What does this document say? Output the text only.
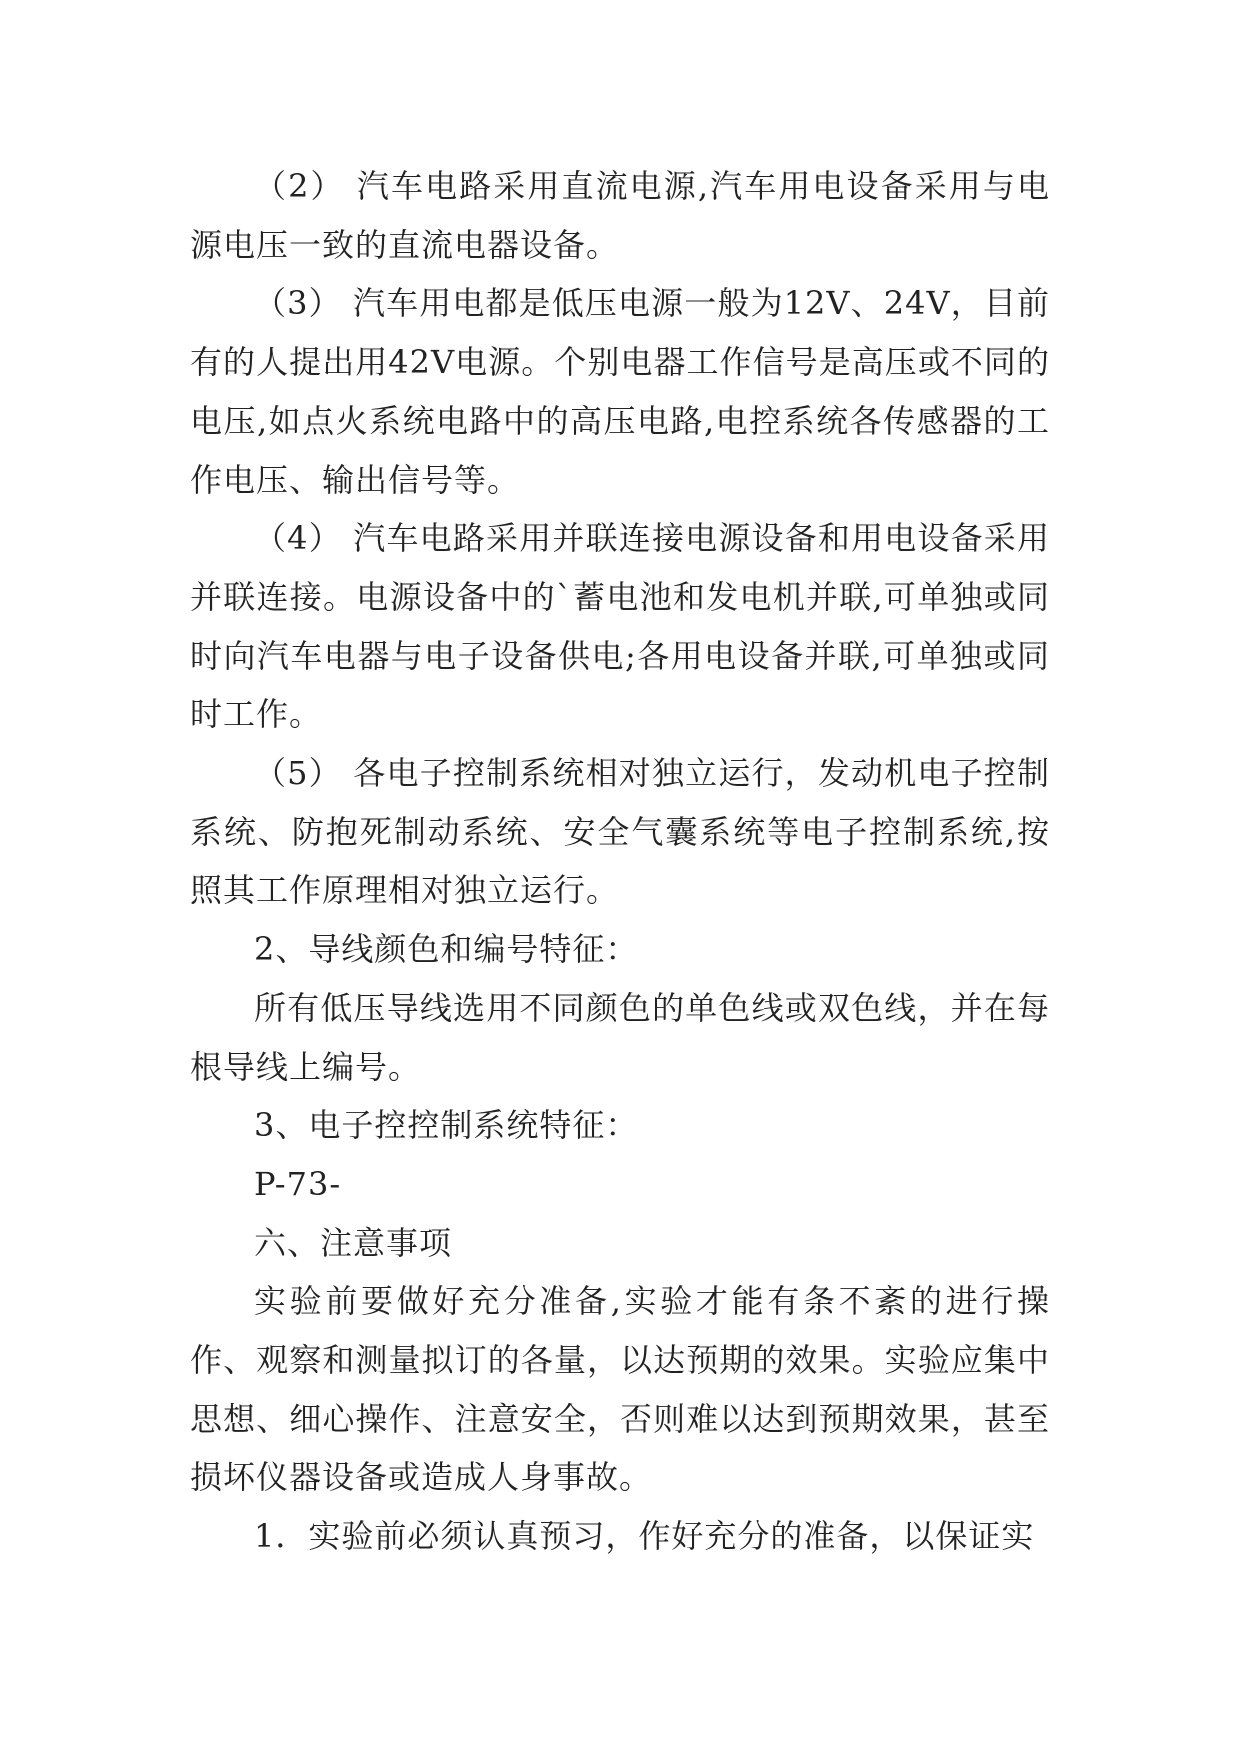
（2） 汽车电路采用直流电源,汽车用电设备采用与电源电压一致的直流电器设备。

（3） 汽车用电都是低压电源一般为12V、24V，目前有的人提出用42V电源。个别电器工作信号是高压或不同的电压,如点火系统电路中的高压电路,电控系统各传感器的工作电压、输出信号等。

（4） 汽车电路采用并联连接电源设备和用电设备采用并联连接。电源设备中的`蓄电池和发电机并联,可单独或同时向汽车电器与电子设备供电;各用电设备并联,可单独或同时工作。

（5） 各电子控制系统相对独立运行，发动机电子控制系统、防抱死制动系统、安全气囊系统等电子控制系统,按照其工作原理相对独立运行。

2、导线颜色和编号特征：

所有低压导线选用不同颜色的单色线或双色线，并在每根导线上编号。

3、电子控控制系统特征：

P-73-

六、注意事项

实验前要做好充分准备,实验才能有条不紊的进行操作、观察和测量拟订的各量，以达预期的效果。实验应集中思想、细心操作、注意安全，否则难以达到预期效果，甚至损坏仪器设备或造成人身事故。

1．实验前必须认真预习，作好充分的准备，以保证实
